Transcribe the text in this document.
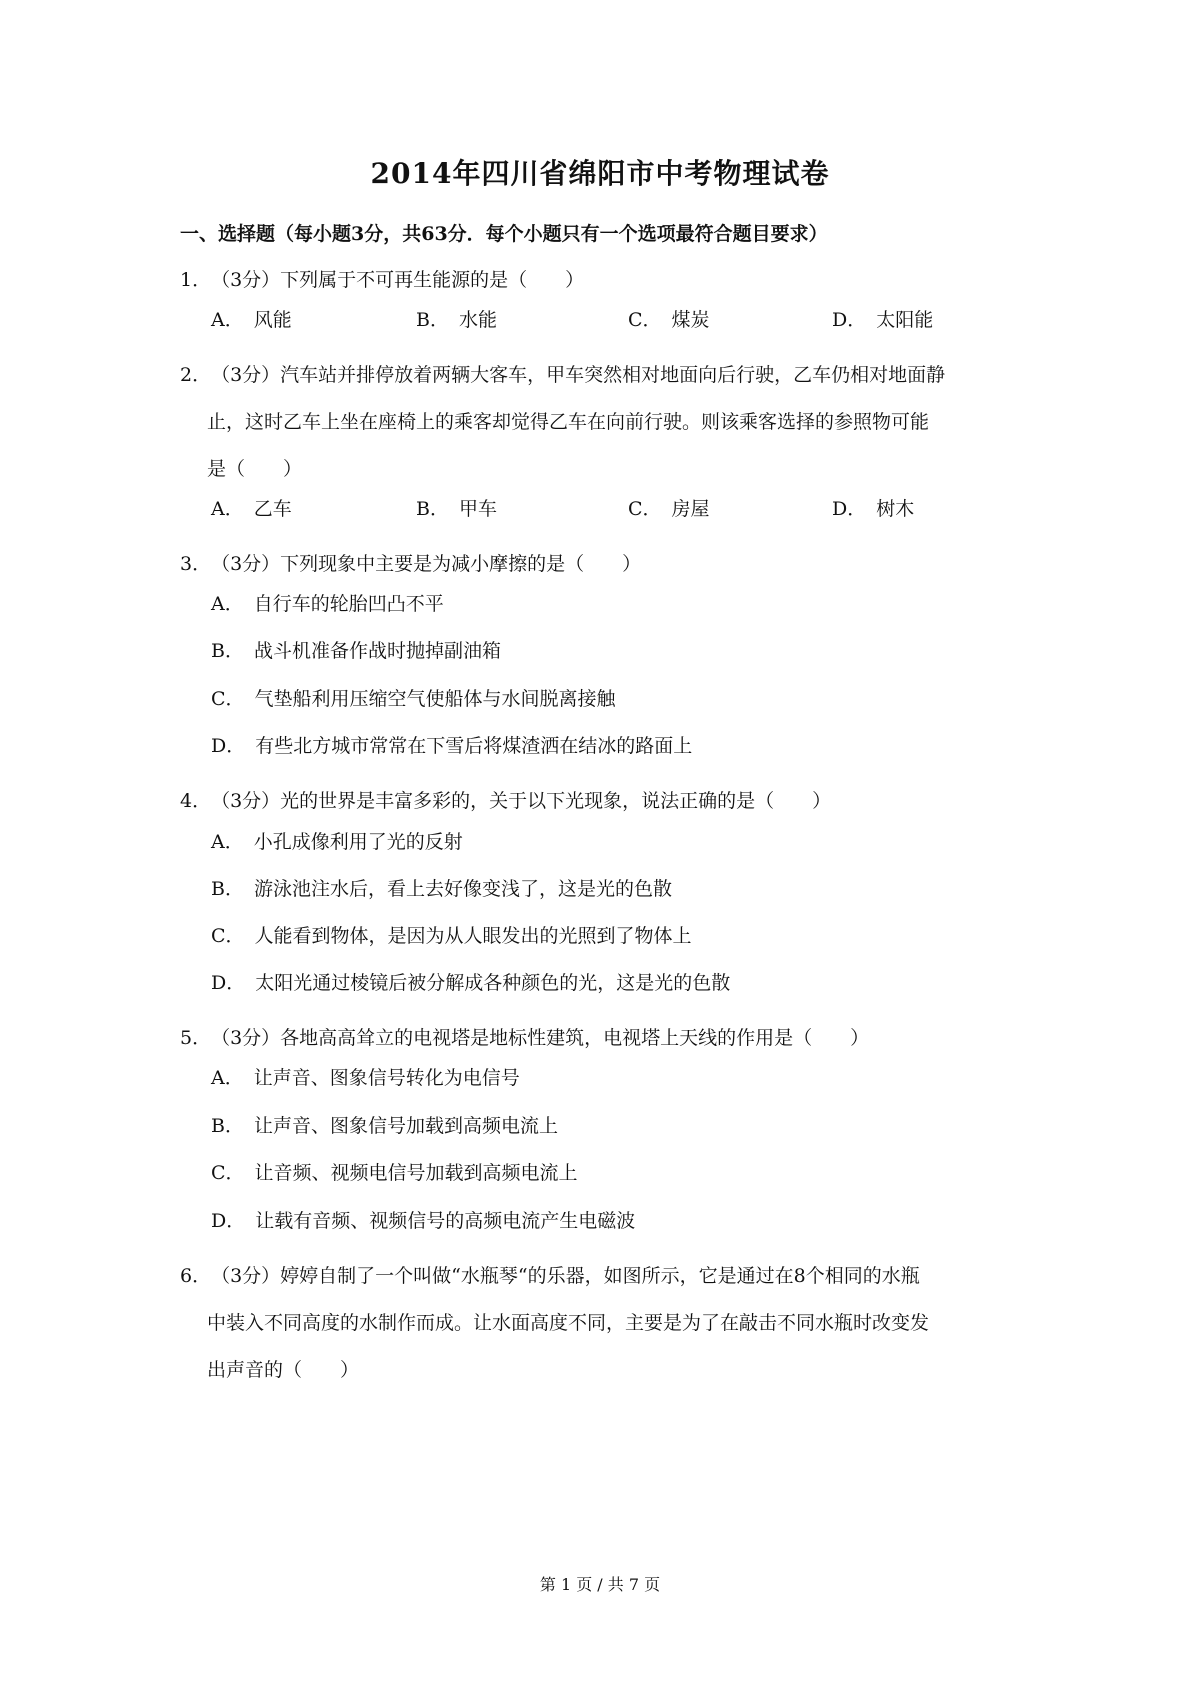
2014年四川省绵阳市中考物理试卷
一、选择题（每小题3分，共63分．每个小题只有一个选项最符合题目要求）
1．（3分）下列属于不可再生能源的是（　　）
A． 风能	B． 水能	C． 煤炭	D． 太阳能
2．（3分）汽车站并排停放着两辆大客车，甲车突然相对地面向后行驶，乙车仍相对地面静
止，这时乙车上坐在座椅上的乘客却觉得乙车在向前行驶。则该乘客选择的参照物可能
是（　　）
A． 乙车	B． 甲车	C． 房屋	D． 树木
3．（3分）下列现象中主要是为减小摩擦的是（　　）
A． 自行车的轮胎凹凸不平
B． 战斗机准备作战时抛掉副油箱
C． 气垫船利用压缩空气使船体与水间脱离接触
D． 有些北方城市常常在下雪后将煤渣洒在结冰的路面上
4．（3分）光的世界是丰富多彩的，关于以下光现象，说法正确的是（　　）
A． 小孔成像利用了光的反射
B． 游泳池注水后，看上去好像变浅了，这是光的色散
C． 人能看到物体，是因为从人眼发出的光照到了物体上
D． 太阳光通过棱镜后被分解成各种颜色的光，这是光的色散
5．（3分）各地高高耸立的电视塔是地标性建筑，电视塔上天线的作用是（　　）
A． 让声音、图象信号转化为电信号
B． 让声音、图象信号加载到高频电流上
C． 让音频、视频电信号加载到高频电流上
D． 让载有音频、视频信号的高频电流产生电磁波
6．（3分）婷婷自制了一个叫做“水瓶琴“的乐器，如图所示，它是通过在8个相同的水瓶
中装入不同高度的水制作而成。让水面高度不同，主要是为了在敲击不同水瓶时改变发
出声音的（　　）
第 1 页 / 共 7 页
